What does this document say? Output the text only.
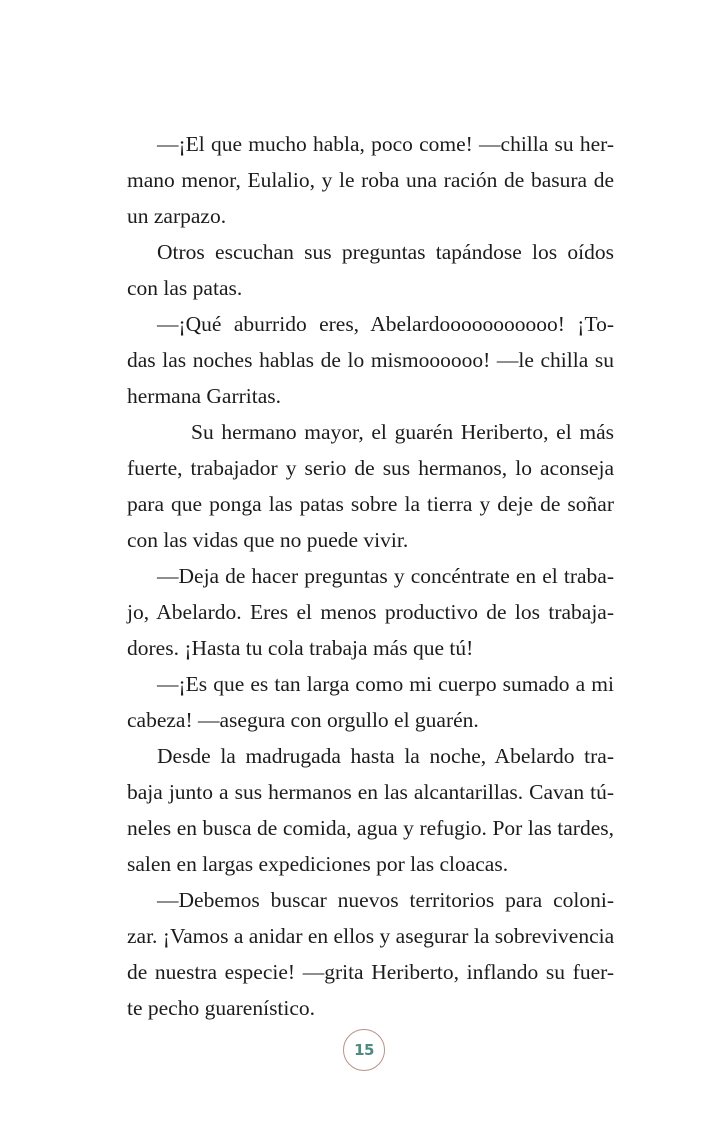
—¡El que mucho habla, poco come! —chilla su her-
mano menor, Eulalio, y le roba una ración de basura de
un zarpazo.
Otros escuchan sus preguntas tapándose los oídos
con las patas.
—¡Qué aburrido eres, Abelardooooooooooo! ¡To-
das las noches hablas de lo mismoooooo! —le chilla su
hermana Garritas.
Su hermano mayor, el guarén Heriberto, el más
fuerte, trabajador y serio de sus hermanos, lo aconseja
para que ponga las patas sobre la tierra y deje de soñar
con las vidas que no puede vivir.
—Deja de hacer preguntas y concéntrate en el traba-
jo, Abelardo. Eres el menos productivo de los trabaja-
dores. ¡Hasta tu cola trabaja más que tú!
—¡Es que es tan larga como mi cuerpo sumado a mi
cabeza! —asegura con orgullo el guarén.
Desde la madrugada hasta la noche, Abelardo tra-
baja junto a sus hermanos en las alcantarillas. Cavan tú-
neles en busca de comida, agua y refugio. Por las tardes,
salen en largas expediciones por las cloacas.
—Debemos buscar nuevos territorios para coloni-
zar. ¡Vamos a anidar en ellos y asegurar la sobrevivencia
de nuestra especie! —grita Heriberto, inflando su fuer-
te pecho guarenístico.
15
